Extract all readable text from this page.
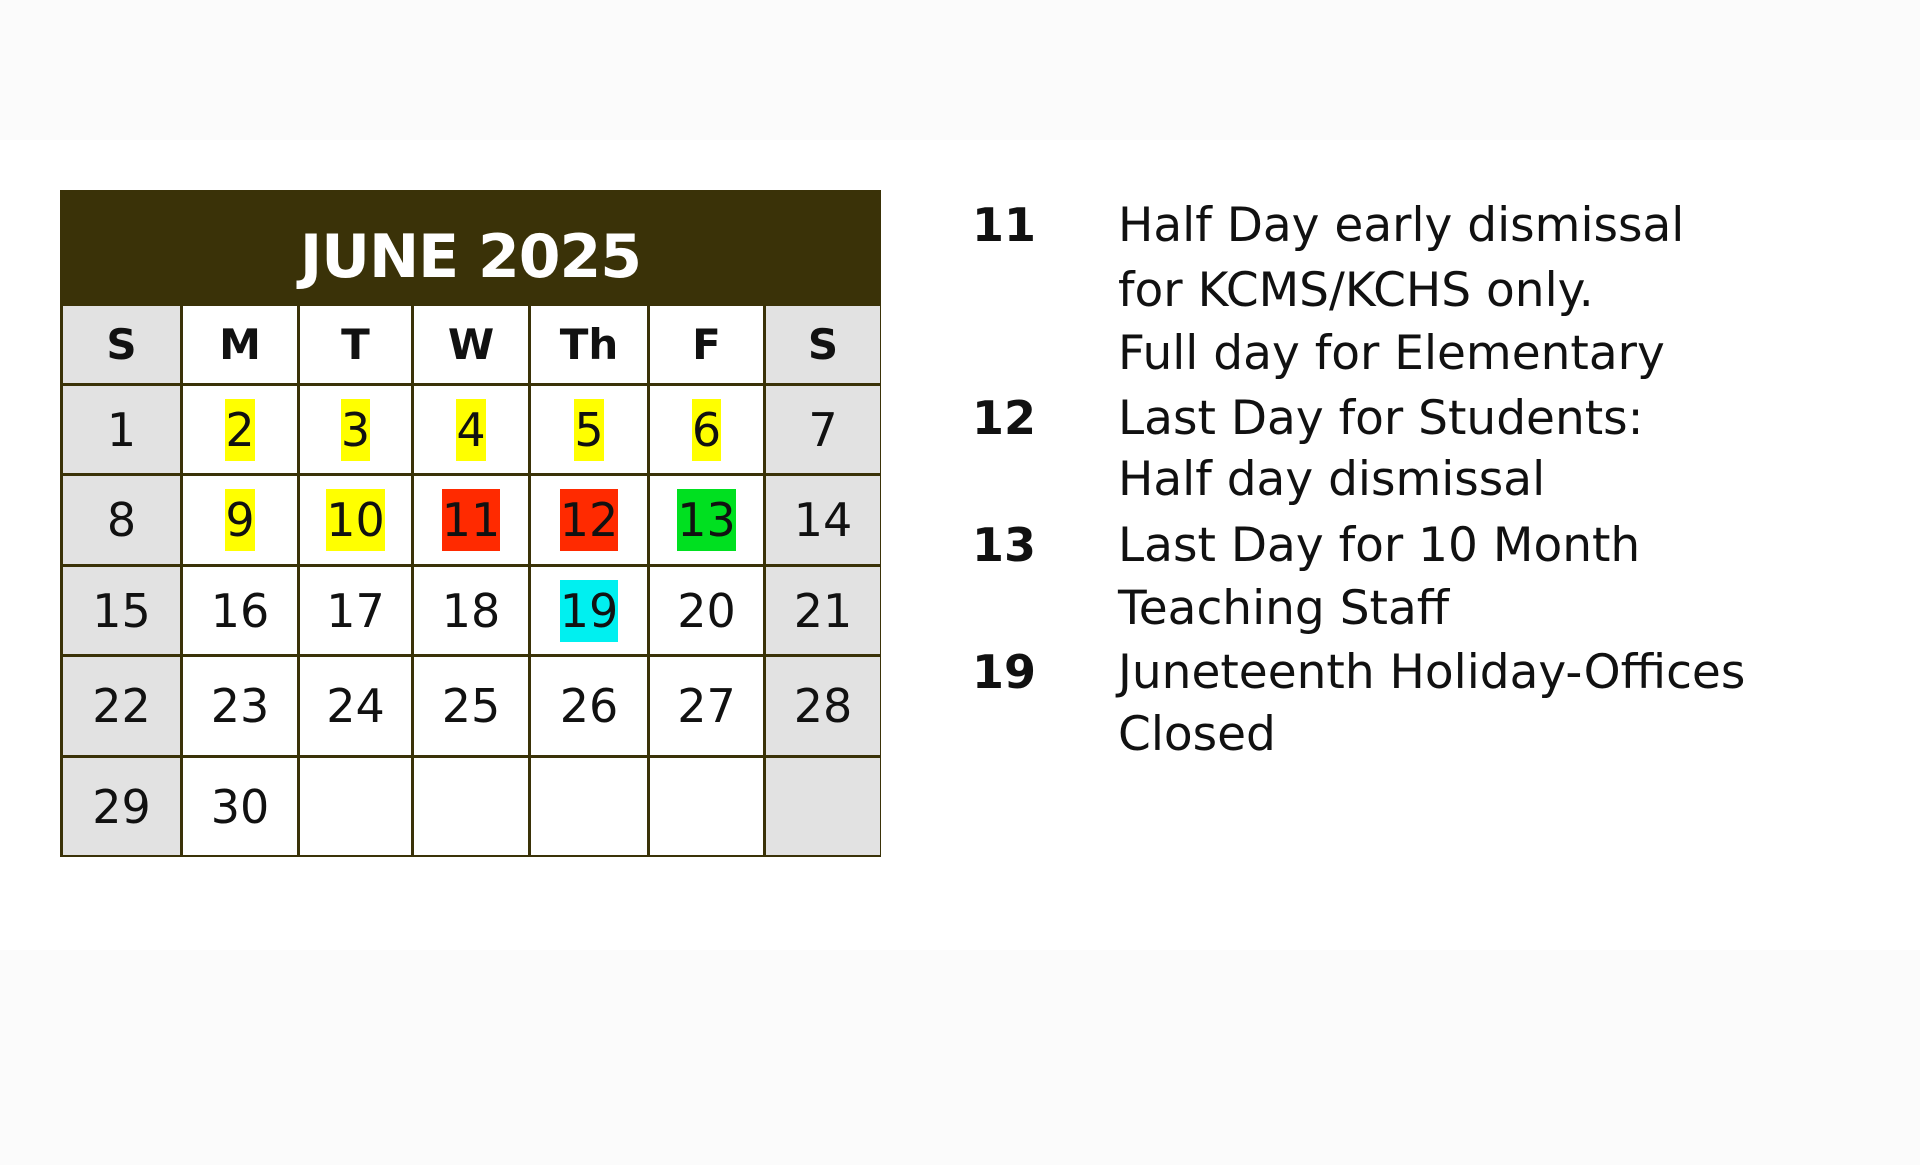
JUNE 2025
S	M	T	W	Th	F	S
1 2 3 4 5 6 7
8 9 10 11 12 13 14
15 16 17 18 19 20 21
22 23 24 25 26 27 28
29 30
11 Half Day early dismissal
for KCMS/KCHS only.
Full day for Elementary
12 Last Day for Students:
Half day dismissal
13 Last Day for 10 Month
Teaching Staff
19 Juneteenth Holiday-Offices
Closed
